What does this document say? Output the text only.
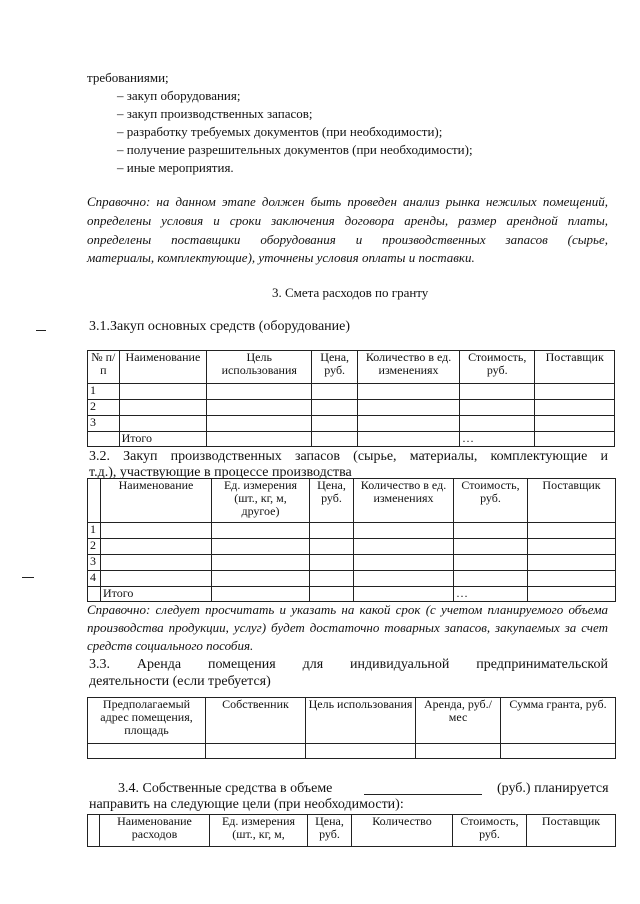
требованиями;
– закуп оборудования;
– закуп производственных запасов;
– разработку требуемых документов (при необходимости);
– получение разрешительных документов (при необходимости);
– иные мероприятия.
Справочно: на данном этапе должен быть проведен анализ рынка нежилых помещений,
определены условия и сроки заключения договора аренды, размер арендной платы,
определены поставщики оборудования и производственных запасов (сырье,
материалы, комплектующие), уточнены условия оплаты и поставки.
3. Смета расходов по гранту
3.1.Закуп основных средств (оборудование)
№ п/п	Наименование	Цель использования	Цена, руб.	Количество в ед. изменениях	Стоимость, руб.	Поставщик
1						
2						
3						
	Итого				…	
3.2. Закуп производственных запасов (сырье, материалы, комплектующие и
т.д.), участвующие в процессе производства
	Наименование	Ед. измерения (шт., кг, м, другое)	Цена, руб.	Количество в ед. изменениях	Стоимость, руб.	Поставщик
1						
2						
3						
4						
	Итого				…	
Справочно: следует просчитать и указать на какой срок (с учетом планируемого объема
производства продукции, услуг) будет достаточно товарных запасов, закупаемых за счет
средств социального пособия.
3.3. Аренда помещения для индивидуальной предпринимательской
деятельности (если требуется)
Предполагаемый адрес помещения, площадь	Собственник	Цель использования	Аренда, руб./мес	Сумма гранта, руб.

3.4. Собственные средства в объеме	(руб.) планируется
направить на следующие цели (при необходимости):
	Наименование расходов	Ед. измерения (шт., кг, м,	Цена, руб.	Количество	Стоимость, руб.	Поставщик
